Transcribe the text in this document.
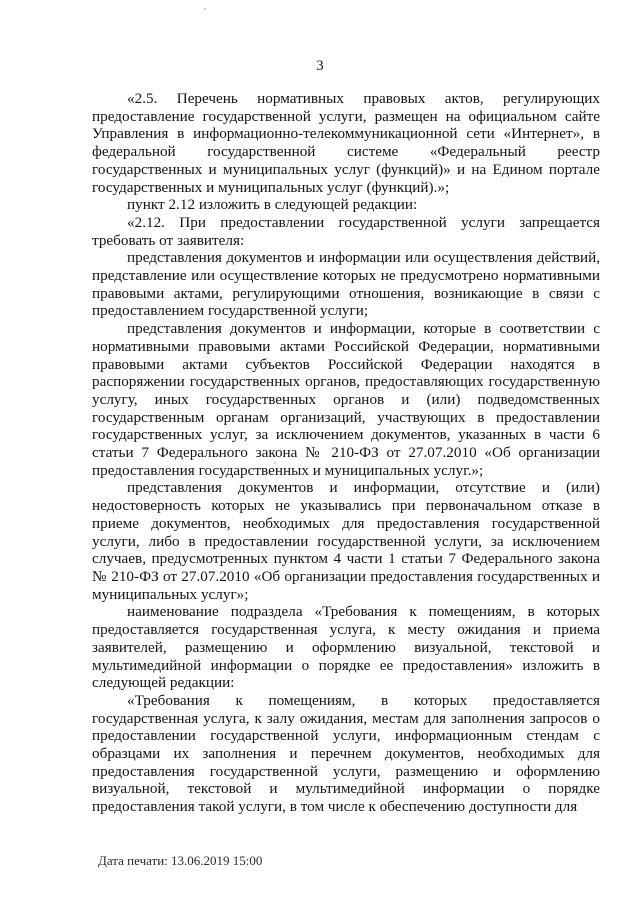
3

«2.5. Перечень нормативных правовых актов, регулирующих предоставление государственной услуги, размещен на официальном сайте Управления в информационно-телекоммуникационной сети «Интернет», в федеральной государственной системе «Федеральный реестр государственных и муниципальных услуг (функций)» и на Едином портале государственных и муниципальных услуг (функций).»;

пункт 2.12 изложить в следующей редакции:

«2.12. При предоставлении государственной услуги запрещается требовать от заявителя:

представления документов и информации или осуществления действий, представление или осуществление которых не предусмотрено нормативными правовыми актами, регулирующими отношения, возникающие в связи с предоставлением государственной услуги;

представления документов и информации, которые в соответствии с нормативными правовыми актами Российской Федерации, нормативными правовыми актами субъектов Российской Федерации находятся в распоряжении государственных органов, предоставляющих государственную услугу, иных государственных органов и (или) подведомственных государственным органам организаций, участвующих в предоставлении государственных услуг, за исключением документов, указанных в части 6 статьи 7 Федерального закона № 210-ФЗ от 27.07.2010 «Об организации предоставления государственных и муниципальных услуг.»;

представления документов и информации, отсутствие и (или) недостоверность которых не указывались при первоначальном отказе в приеме документов, необходимых для предоставления государственной услуги, либо в предоставлении государственной услуги, за исключением случаев, предусмотренных пунктом 4 части 1 статьи 7 Федерального закона № 210-ФЗ от 27.07.2010 «Об организации предоставления государственных и муниципальных услуг»;

наименование подраздела «Требования к помещениям, в которых предоставляется государственная услуга, к месту ожидания и приема заявителей, размещению и оформлению визуальной, текстовой и мультимедийной информации о порядке ее предоставления» изложить в следующей редакции:

«Требования к помещениям, в которых предоставляется государственная услуга, к залу ожидания, местам для заполнения запросов о предоставлении государственной услуги, информационным стендам с образцами их заполнения и перечнем документов, необходимых для предоставления государственной услуги, размещению и оформлению визуальной, текстовой и мультимедийной информации о порядке предоставления такой услуги, в том числе к обеспечению доступности для

Дата печати: 13.06.2019 15:00
